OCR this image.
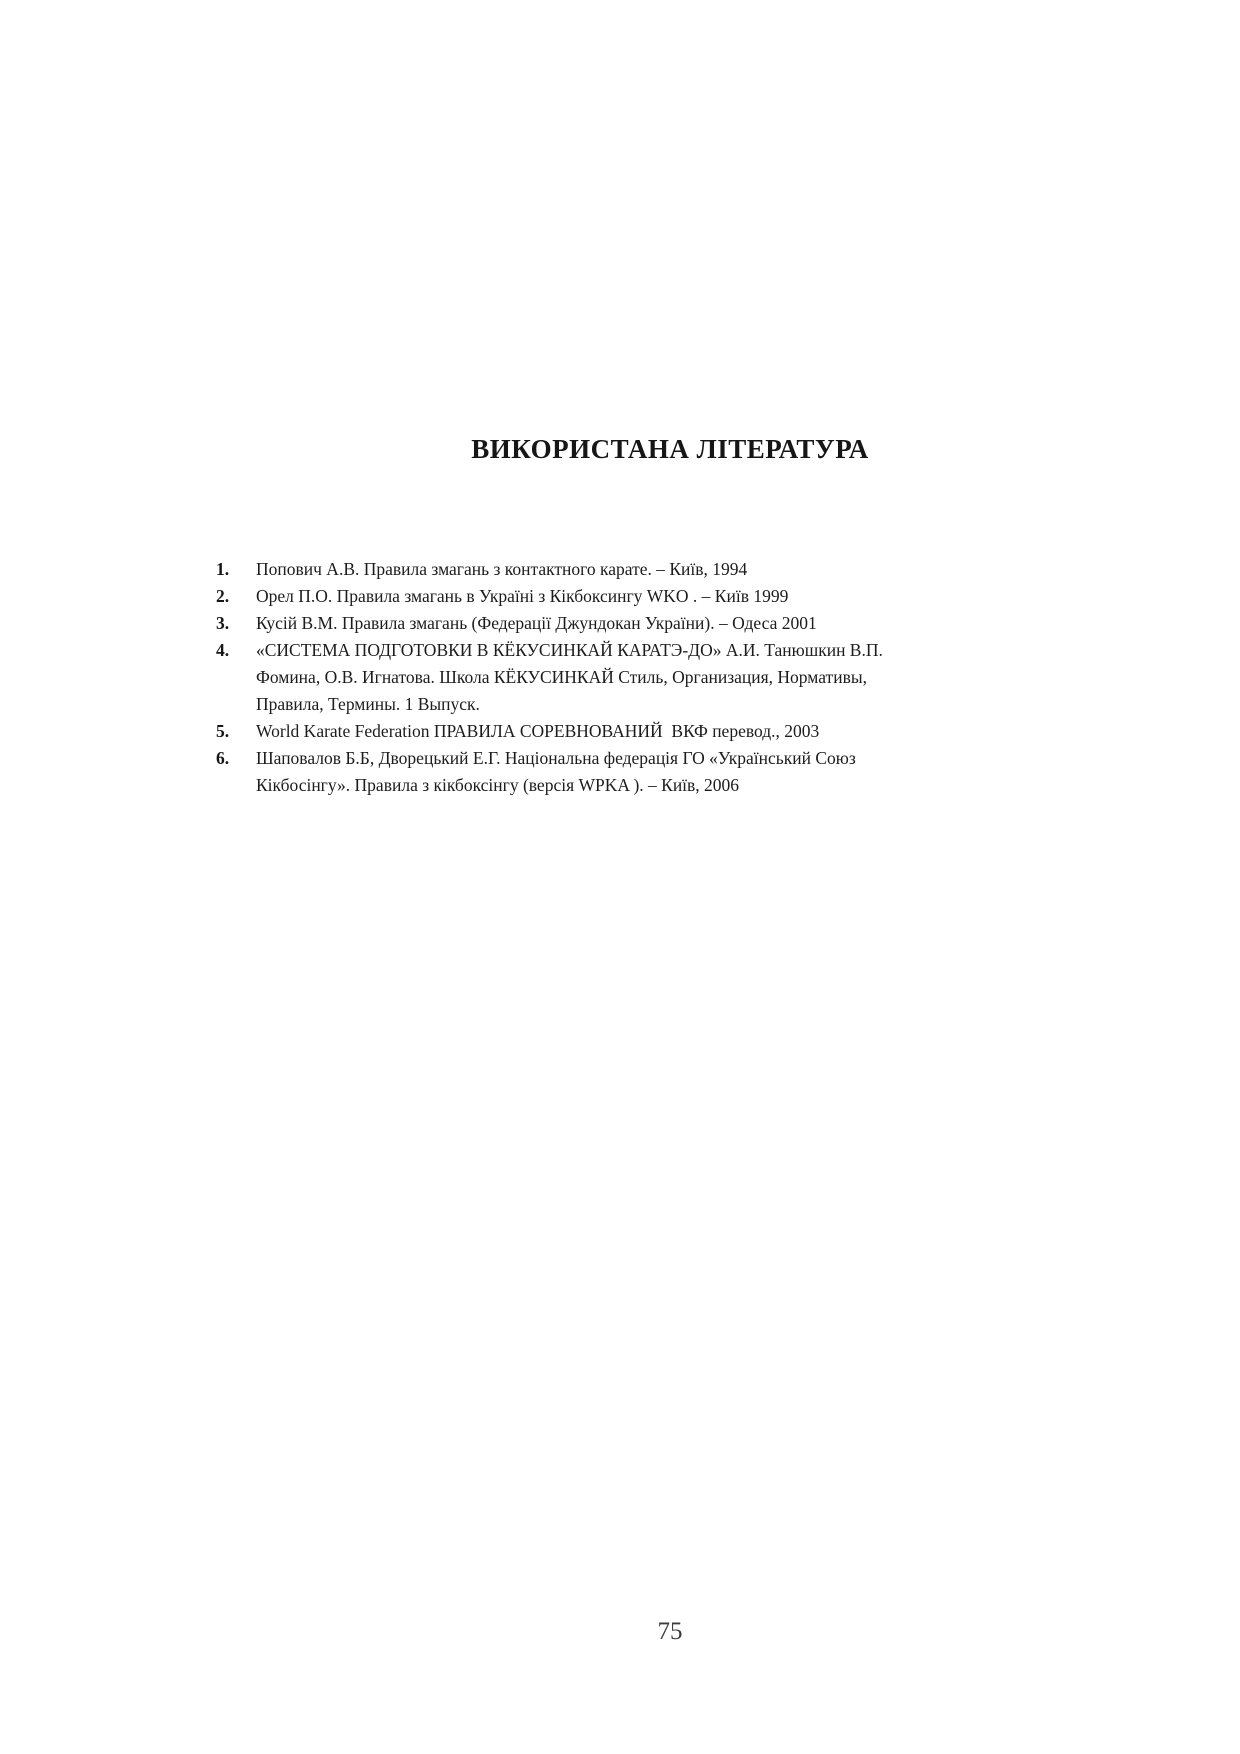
ВИКОРИСТАНА ЛІТЕРАТУРА
1.	Попович А.В. Правила змагань з контактного карате. – Київ, 1994
2.	Орел П.О. Правила змагань в Україні з Кікбоксингу WKO . – Київ 1999
3.	Кусій В.М. Правила змагань (Федерації Джундокан України). – Одеса 2001
4.	«СИСТЕМА ПОДГОТОВКИ В КЁКУСИНКАЙ КАРАТЭ-ДО» А.И. Танюшкин В.П.
Фомина, О.В. Игнатова. Школа КЁКУСИНКАЙ Стиль, Организация, Нормативы,
Правила, Термины. 1 Выпуск.
5.	World Karate Federation ПРАВИЛА СОРЕВНОВАНИЙ  ВКФ перевод., 2003
6.	Шаповалов Б.Б, Дворецький Е.Г. Національна федерація ГО «Український Союз
Кікбосінгу». Правила з кікбоксінгу (версія WPKA ). – Київ, 2006
75
